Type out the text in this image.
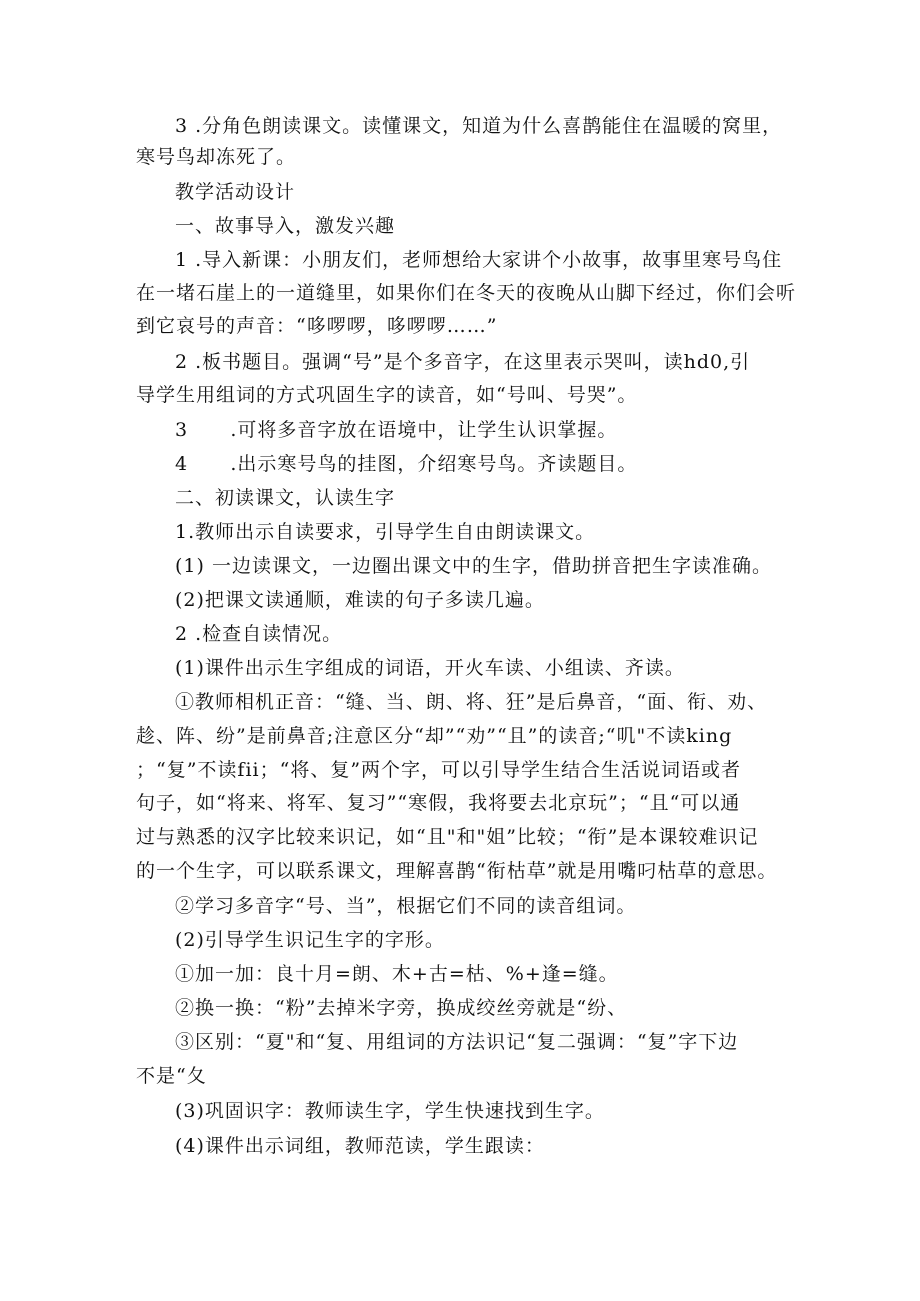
3 .分角色朗读课文。读懂课文，知道为什么喜鹊能住在温暖的窝里，
寒号鸟却冻死了。
教学活动设计
一、故事导入，激发兴趣
1 .导入新课：小朋友们，老师想给大家讲个小故事，故事里寒号鸟住
在一堵石崖上的一道缝里，如果你们在冬天的夜晚从山脚下经过，你们会听
到它哀号的声音：“哆啰啰，哆啰啰……”
2 .板书题目。强调“号”是个多音字，在这里表示哭叫，读hd0,引
导学生用组词的方式巩固生字的读音，如“号叫、号哭”。
3      .可将多音字放在语境中，让学生认识掌握。
4      .出示寒号鸟的挂图，介绍寒号鸟。齐读题目。
二、初读课文，认读生字
1.教师出示自读要求，引导学生自由朗读课文。
(1) 一边读课文，一边圈出课文中的生字，借助拼音把生字读准确。
(2)把课文读通顺，难读的句子多读几遍。
2 .检查自读情况。
(1)课件出示生字组成的词语，开火车读、小组读、齐读。
①教师相机正音：“缝、当、朗、将、狂”是后鼻音，“面、衔、劝、
趁、阵、纷”是前鼻音;注意区分“却”“劝”“且”的读音;“叽"不读king
；“复”不读fii；“将、复”两个字，可以引导学生结合生活说词语或者
句子，如“将来、将军、复习”“寒假，我将要去北京玩”；“且“可以通
过与熟悉的汉字比较来识记，如“且"和"姐”比较；“衔”是本课较难识记
的一个生字，可以联系课文，理解喜鹊“衔枯草”就是用嘴叼枯草的意思。
②学习多音字“号、当”，根据它们不同的读音组词。
(2)引导学生识记生字的字形。
①加一加：良十月=朗、木+古=枯、%+逢=缝。
②换一换：“粉”去掉米字旁，换成绞丝旁就是“纷、
③区别：“夏"和“复、用组词的方法识记“复二强调：“复”字下边
不是“夂
(3)巩固识字：教师读生字，学生快速找到生字。
(4)课件出示词组，教师范读，学生跟读：
